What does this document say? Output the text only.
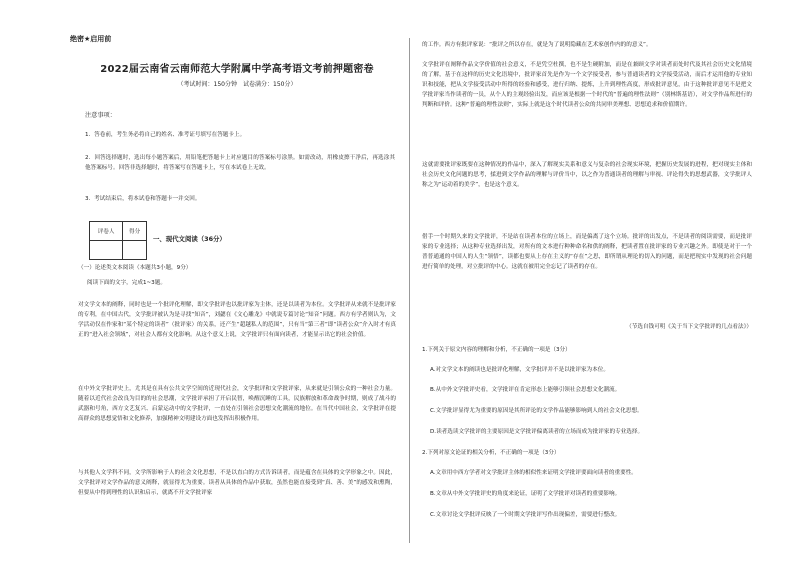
绝密★启用前
2022届云南省云南师范大学附属中学高考语文考前押题密卷
（考试时间：150分钟　试卷满分：150分）
注意事项：
1．答卷前，考生务必将自己的姓名、准考证号填写在答题卡上。
2．回答选择题时，选出每小题答案后，用铅笔把答题卡上对应题目的答案标号涂黑。如需改动，用橡皮擦干净后，再选涂其他答案标号。回答非选择题时，将答案写在答题卡上，写在本试卷上无效。
3．考试结束后，将本试卷和答题卡一并交回。
评卷人	得分

一、现代文阅读（36分）
（一）论述类文本阅读（本题共3小题，9分）
阅读下面的文字，完成1~3题。
对文学文本的阐释，同时也是一个批评化理解，即文学批评也以批评家为主体，还是以读者为本位。文学批评从来就不是批评家的专利，在中国古代，文学批评被认为是寻找“知音”，刘勰在《文心雕龙》中就说专篇讨论“知音”问题。西方有学者则认为，文学活动仅在作家和“某个特定的读者”（批评家）的关系，还产生“超越私人的范围”，只有当“第三者”即“读者公众”介入时才有真正的“进入社会领域”，对社会人都有文化影响。从这个意义上说，文学批评只有面向读者，才能显示出它的社会价值。
在中外文学批评史上，尤其是在具有公共文学空间的近现代社会，文学批评和文学批评家，从来就是引领公众的一种社会力量。随着以近代社会改良为目的的社会思潮，文学批评承担了开启民智，唤醒沉睡的工具，民族解放和革命战争时期，则成了战斗的武器和号角，西方文艺复兴、启蒙运动中的文学批评，一直处在引领社会思想文化潮流的地位。在当代中国社会，文学批评在提高群众的思想觉悟和文化修养，加强精神文明建设方面也发挥出积极作用。
与其他人文学科不同，文学所影响于人的社会文化思想，不是以直白的方式告诉读者，而是蕴含在具体的文学形象之中。因此，文学批评对文学作品的意义阐释，就显得尤为重要。读者从具体的作品中获取，虽然也能直接受到“真、善、美”的感发和熏陶，但要从中得到理性的认识和启示，就离不开文学批评家
的工作。西方有批评家说：“批评之所以存在，就是为了说明隐藏在艺术家创作内的的意义”。
文学批评在阐释作品文学价值的社会意义，不是凭空杜撰，也不是生硬附加，而是在兼顾文学对读者而处时代及其社会历史文化情境的了解，基于在这样的历史文化语境中，批评家首先是作为一个文学接受者，参与普通读者的文学接受活动，而后才运用他的专业知识和技能，把从文学接受活动中所得的经验和感受，进行归纳、提炼，上升到理性高度，形成批评意见，由于这种批评意见不是把文学批评家当作读者的一员，从个人的主观经验出发，而应该是根据一个时代的“普遍的理性法则”（别林斯基语），对文学作品所进行的判断和评价。这种“普遍的理性法则”，实际上就是这个时代读者公众的共同审美理想、思想追求和价值期许。
这就需要批评家既要在这种情况的作品中，深入了解现实关系和意义与复杂的社会现实环境，把握历史发展的进程，把对现实主体和社会历史文化问题的思考，揉进到文学作品的理解与评价当中，以之作为普通读者的理解与审视、评论得失的思想武器，文学批评人称之为“运动着的美学”，也是这个意义。
借手一个时期久来的文学批评，不是站在读者本位的立场上，而是偏离了这个立场。批评的出发点，不是读者的阅读需要，而是批评家的专业选择；从这种专业选择出发，对所有的文本进行种种命名和供的阐释，把读者置在批评家的专业兴趣之外。即使是对于一个普普通通的中国人的人生“领悟”，读都也要从上存在主义的“存在”之思，即所谓从理论的切入的问题，而是把现实中发现的社会问题进行简单的处理，对立批评的中心。这就在被用完全忘记了读者的存在。
（节选自钱可明《关于当下文学批评的几点看法》）
1.下列关于原文内容的理解和分析，不正确的一项是（3分）
A.对文学文本的阐读也是批评化理解，文学批评并不是以批评家为本位。
B.从中外文学批评史看，文学批评在肯定形态上能够引领社会思想文化潮流。
C.文学批评显得尤为重要的原因是其所评论的文学作品能够影响到人的社会文化思想。
D.读者选读文学批评的主要原因是文学批评偏离读者的立场而成为批评家的专业选择。
2.下列对原文论证的相关分析，不正确的一项是（3分）
A.文章用中西方学者对文学批评主体的相似性来证明文学批评要面向读者的重要性。
B.文章从中外文学批评史的角度来论证，证明了文学批评对读者的重要影响。
C.文章讨论文学批评反映了一个时期文学批评写作出现偏差，需要进行整改。
